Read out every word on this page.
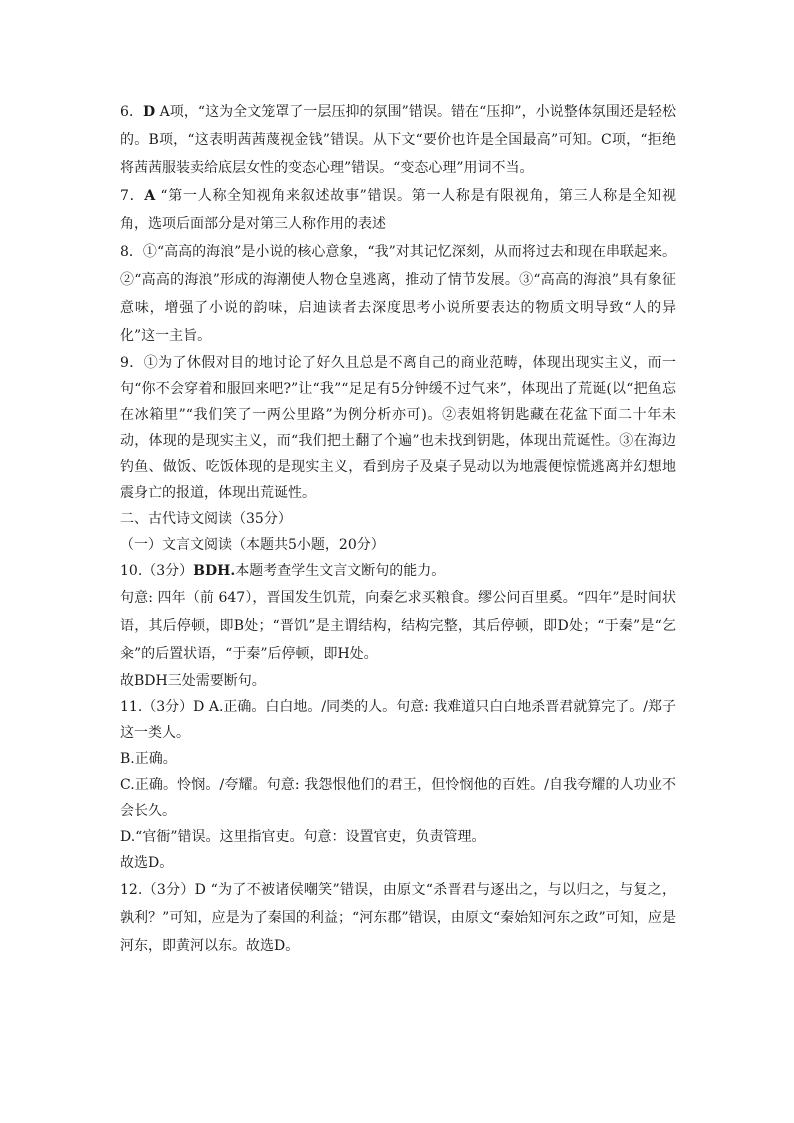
6．D A项，“这为全文笼罩了一层压抑的氛围”错误。错在“压抑”，小说整体氛围还是轻松的。B项，“这表明茜茜蔑视金钱”错误。从下文“要价也许是全国最高”可知。C项，“拒绝将茜茜服装卖给底层女性的变态心理”错误。“变态心理”用词不当。

7．A “第一人称全知视角来叙述故事”错误。第一人称是有限视角，第三人称是全知视角，选项后面部分是对第三人称作用的表述

8．①“高高的海浪”是小说的核心意象，“我”对其记忆深刻，从而将过去和现在串联起来。②“高高的海浪”形成的海潮使人物仓皇逃离，推动了情节发展。③“高高的海浪”具有象征意味，增强了小说的韵味，启迪读者去深度思考小说所要表达的物质文明导致“人的异化”这一主旨。

9．①为了休假对目的地讨论了好久且总是不离自己的商业范畴，体现出现实主义，而一句“你不会穿着和服回来吧?”让“我”“足足有5分钟缓不过气来”，体现出了荒诞(以“把鱼忘在冰箱里”“我们笑了一两公里路”为例分析亦可)。②表姐将钥匙藏在花盆下面二十年未动，体现的是现实主义，而“我们把土翻了个遍”也未找到钥匙，体现出荒诞性。③在海边钓鱼、做饭、吃饭体现的是现实主义，看到房子及桌子晃动以为地震便惊慌逃离并幻想地震身亡的报道，体现出荒诞性。

二、古代诗文阅读（35分）

（一）文言文阅读（本题共5小题，20分）

10.（3分）BDH.本题考查学生文言文断句的能力。

句意: 四年（前 647），晋国发生饥荒，向秦乞求买粮食。缪公问百里奚。“四年”是时间状语，其后停顿，即B处；“晋饥”是主谓结构，结构完整，其后停顿，即D处；“于秦”是“乞籴”的后置状语，“于秦”后停顿，即H处。

故BDH三处需要断句。

11.（3分）D A.正确。白白地。/同类的人。句意: 我难道只白白地杀晋君就算完了。/郑子这一类人。

B.正确。

C.正确。怜悯。/夸耀。句意: 我怨恨他们的君王，但怜悯他的百姓。/自我夸耀的人功业不会长久。

D.“官衙”错误。这里指官吏。句意：设置官吏，负责管理。

故选D。

12.（3分）D “为了不被诸侯嘲笑”错误，由原文“杀晋君与逐出之，与以归之，与复之，孰利？”可知，应是为了秦国的利益；“河东郡”错误，由原文“秦始知河东之政”可知，应是河东，即黄河以东。故选D。
